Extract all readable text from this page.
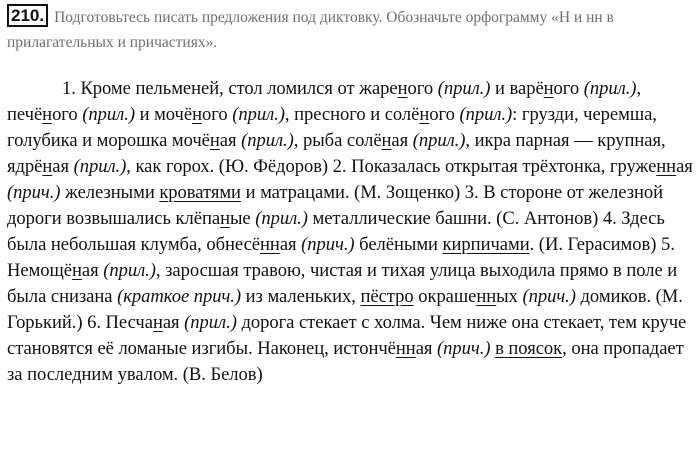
210. Подготовьтесь писать предложения под диктовку. Обозначьте орфограмму «Н и нн в прилагательных и причастиях».
1. Кроме пельменей, стол ломился от жареного (прил.) и варёного (прил.), печёного (прил.) и мочёного (прил.), пресного и солёного (прил.): грузди, черемша, голубика и морошка мочёная (прил.), рыба солёная (прил.), икра парная — крупная, ядрёная (прил.), как горох. (Ю. Фёдоров) 2. Показалась открытая трёхтонка, груженная (прич.) железными кроватями и матрацами. (М. Зощенко) 3. В стороне от железной дороги возвышались клёпаные (прил.) металлические башни. (С. Антонов) 4. Здесь была небольшая клумба, обнесённая (прич.) белёными кирпичами. (И. Герасимов) 5. Немощёная (прил.), заросшая травою, чистая и тихая улица выходила прямо в поле и была снизана (краткое прич.) из маленьких, пёстро окрашенных (прич.) домиков. (М. Горький.) 6. Песчаная (прил.) дорога стекает с холма. Чем ниже она стекает, тем круче становятся её ломаные изгибы. Наконец, истончённая (прич.) в поясок, она пропадает за последним увалом. (В. Белов)
